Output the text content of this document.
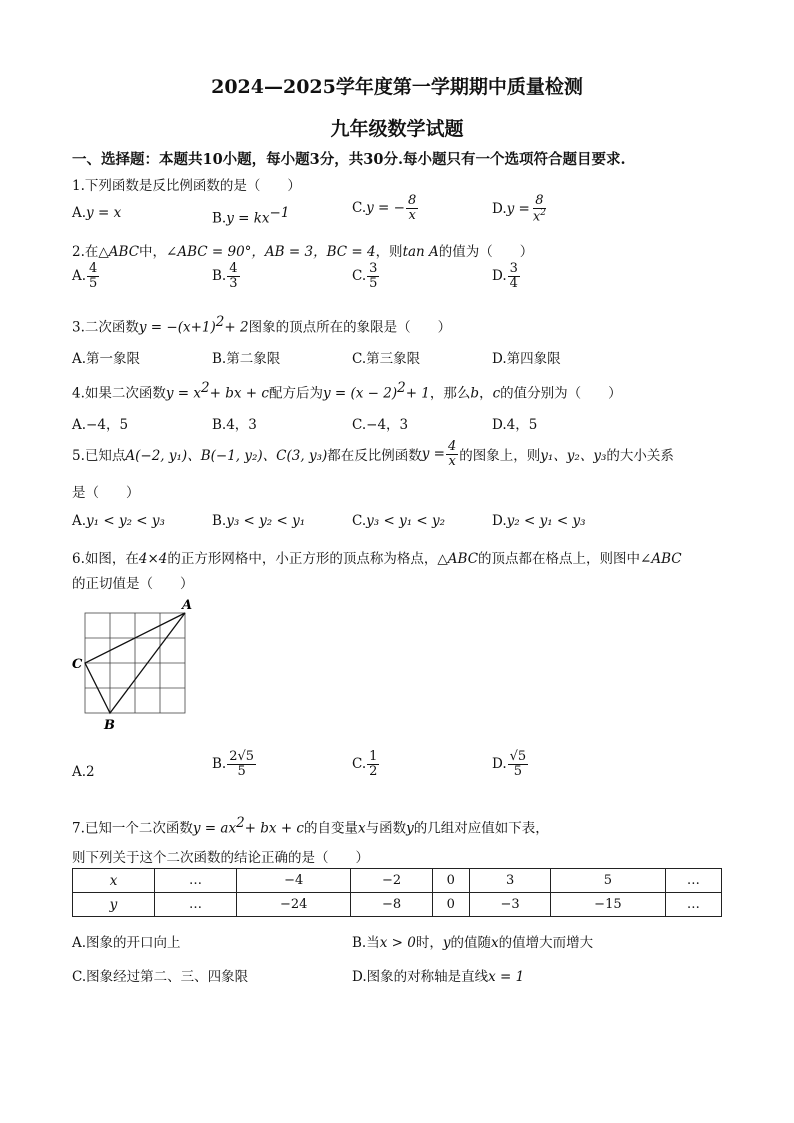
2024—2025学年度第一学期期中质量检测
九年级数学试题
一、选择题：本题共10小题，每小题3分，共30分.每小题只有一个选项符合题目要求.
1.下列函数是反比例函数的是（　　）
A.y = x	$B.y = kx^{-1}$	C. y = − $\frac{8}{x}$	D. $y = \frac{8}{x^2}$
2.在△ABC中，∠ABC = 90°，AB = 3，BC = 4，则tan A的值为（　　）
A. $\frac{4}{5}$	B. $\frac{4}{3}$	C. $\frac{3}{5}$	D. $\frac{3}{4}$
3.二次函数$y = -(x+1)^2+ 2$图象的顶点所在的象限是（　　）
A.第一象限	B.第二象限	C.第三象限	D.第四象限
4.如果二次函数$y = x^2+$ bx + c配方后为$y = (x - 2)^2+ 1$，那么b，c的值分别为（　　）
A.−4，5	B.4，3	C.−4，3	D.4，5
5.已知点 A(−2, y₁)、B(−1, y₂)、C(3, y₃) 都在反比例函数 $y = \frac{4}{x}$ 的图象上，则 y₁、y₂、y₃ 的大小关系
是（　　）
A.y₁ < y₂ < y₃	B.y₃ < y₂ < y₁	C.y₃ < y₁ < y₂	D.y₂ < y₁ < y₃
6.如图，在4×4的正方形网格中，小正方形的顶点称为格点，△ABC的顶点都在格点上，则图中∠ABC
的正切值是（　　）
A
C
B
A.2	B. $\frac{2√5}{5}$	C. $\frac{1}{2}$	D. $\frac{√5}{5}$
7.已知一个二次函数$y = ax^2+$ bx + c的自变量x与函数y的几组对应值如下表，
则下列关于这个二次函数的结论正确的是（　　）
x	…	−4	−2	0	3	5	…
y	…	−24	−8	0	−3	−15	…
A.图象的开口向上	B.当x > 0时，y的值随x的值增大而增大
C.图象经过第二、三、四象限	D.图象的对称轴是直线x = 1
